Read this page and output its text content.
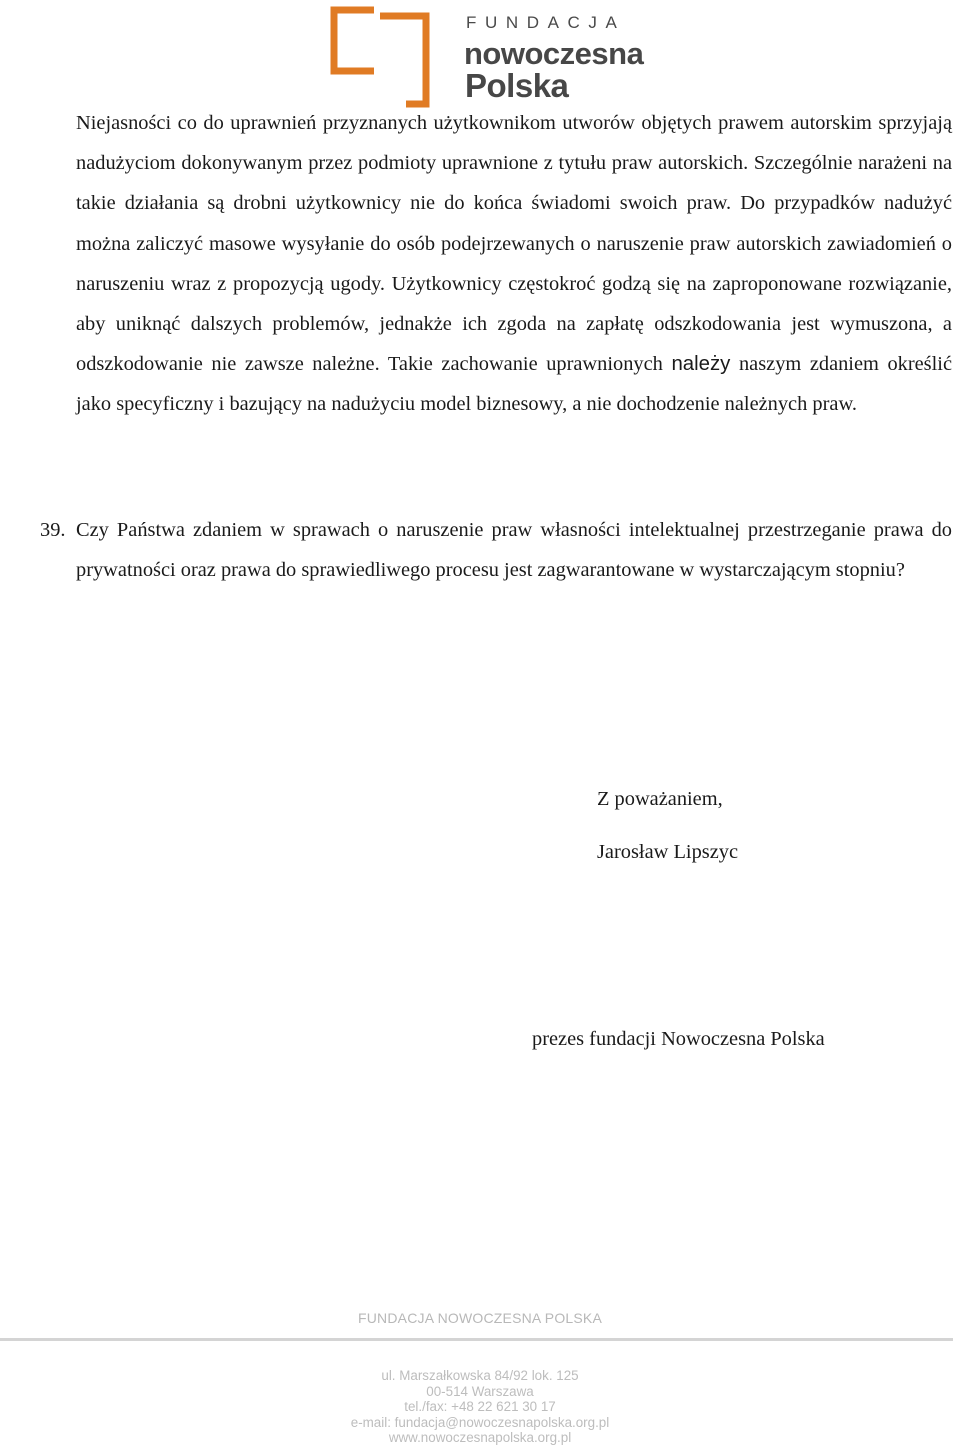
FUNDACJA
nowoczesna
Polska

Niejasności co do uprawnień przyznanych użytkownikom utworów objętych prawem autorskim sprzyjają nadużyciom dokonywanym przez podmioty uprawnione z tytułu praw autorskich. Szczególnie narażeni na takie działania są drobni użytkownicy nie do końca świadomi swoich praw. Do przypadków nadużyć można zaliczyć masowe wysyłanie do osób podejrzewanych o naruszenie praw autorskich zawiadomień o naruszeniu wraz z propozycją ugody. Użytkownicy częstokroć godzą się na zaproponowane rozwiązanie, aby uniknąć dalszych problemów, jednakże ich zgoda na zapłatę odszkodowania jest wymuszona, a odszkodowanie nie zawsze należne. Takie zachowanie uprawnionych należy naszym zdaniem określić jako specyficzny i bazujący na nadużyciu model biznesowy, a nie dochodzenie należnych praw.

39. Czy Państwa zdaniem w sprawach o naruszenie praw własności intelektualnej przestrzeganie prawa do prywatności oraz prawa do sprawiedliwego procesu jest zagwarantowane w wystarczającym stopniu?

Z poważaniem,

Jarosław Lipszyc

prezes fundacji Nowoczesna Polska

FUNDACJA NOWOCZESNA POLSKA
ul. Marszałkowska 84/92 lok. 125
00-514 Warszawa
tel./fax: +48 22 621 30 17
e-mail: fundacja@nowoczesnapolska.org.pl
www.nowoczesnapolska.org.pl
